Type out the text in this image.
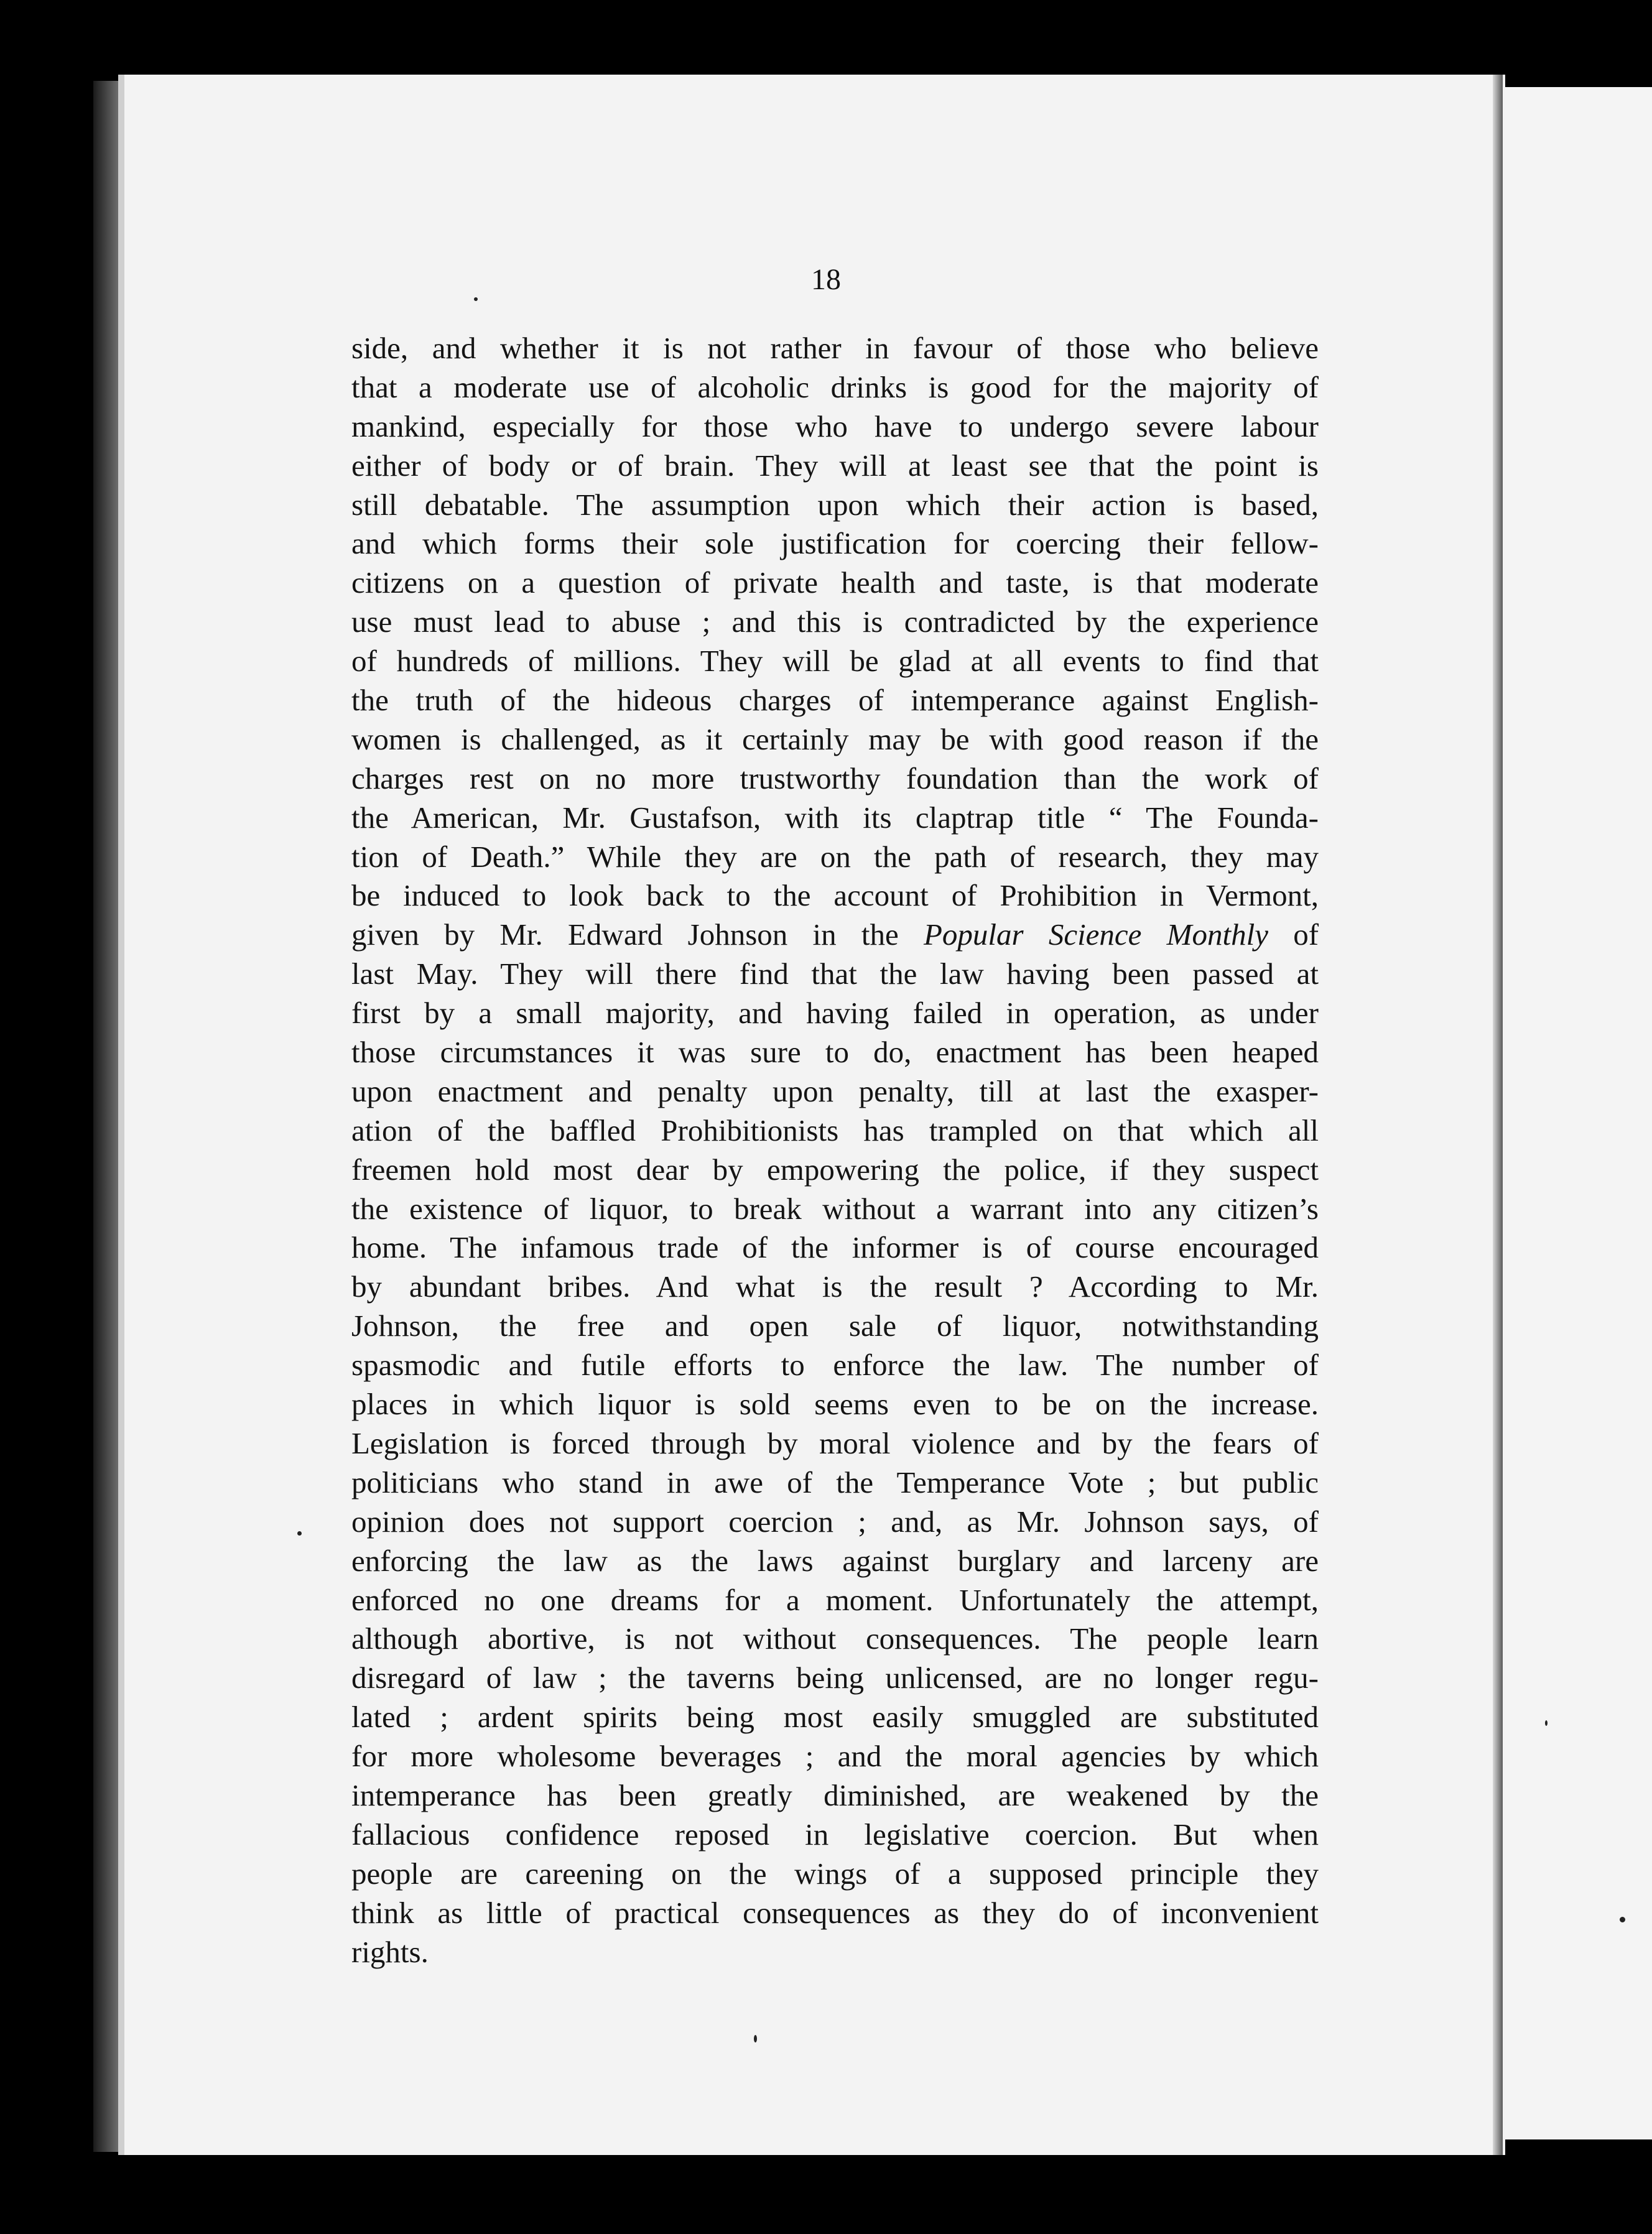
18
side, and whether it is not rather in favour of those who believe
that a moderate use of alcoholic drinks is good for the majority of
mankind, especially for those who have to undergo severe labour
either of body or of brain. They will at least see that the point is
still debatable. The assumption upon which their action is based,
and which forms their sole justification for coercing their fellow-
citizens on a question of private health and taste, is that moderate
use must lead to abuse ; and this is contradicted by the experience
of hundreds of millions. They will be glad at all events to find that
the truth of the hideous charges of intemperance against English-
women is challenged, as it certainly may be with good reason if the
charges rest on no more trustworthy foundation than the work of
the American, Mr. Gustafson, with its claptrap title “ The Founda-
tion of Death.” While they are on the path of research, they may
be induced to look back to the account of Prohibition in Vermont,
given by Mr. Edward Johnson in the Popular Science Monthly of
last May. They will there find that the law having been passed at
first by a small majority, and having failed in operation, as under
those circumstances it was sure to do, enactment has been heaped
upon enactment and penalty upon penalty, till at last the exasper-
ation of the baffled Prohibitionists has trampled on that which all
freemen hold most dear by empowering the police, if they suspect
the existence of liquor, to break without a warrant into any citizen’s
home. The infamous trade of the informer is of course encouraged
by abundant bribes. And what is the result ? According to Mr.
Johnson, the free and open sale of liquor, notwithstanding
spasmodic and futile efforts to enforce the law. The number of
places in which liquor is sold seems even to be on the increase.
Legislation is forced through by moral violence and by the fears of
politicians who stand in awe of the Temperance Vote ; but public
opinion does not support coercion ; and, as Mr. Johnson says, of
enforcing the law as the laws against burglary and larceny are
enforced no one dreams for a moment. Unfortunately the attempt,
although abortive, is not without consequences. The people learn
disregard of law ; the taverns being unlicensed, are no longer regu-
lated ; ardent spirits being most easily smuggled are substituted
for more wholesome beverages ; and the moral agencies by which
intemperance has been greatly diminished, are weakened by the
fallacious confidence reposed in legislative coercion. But when
people are careening on the wings of a supposed principle they
think as little of practical consequences as they do of inconvenient
rights.
